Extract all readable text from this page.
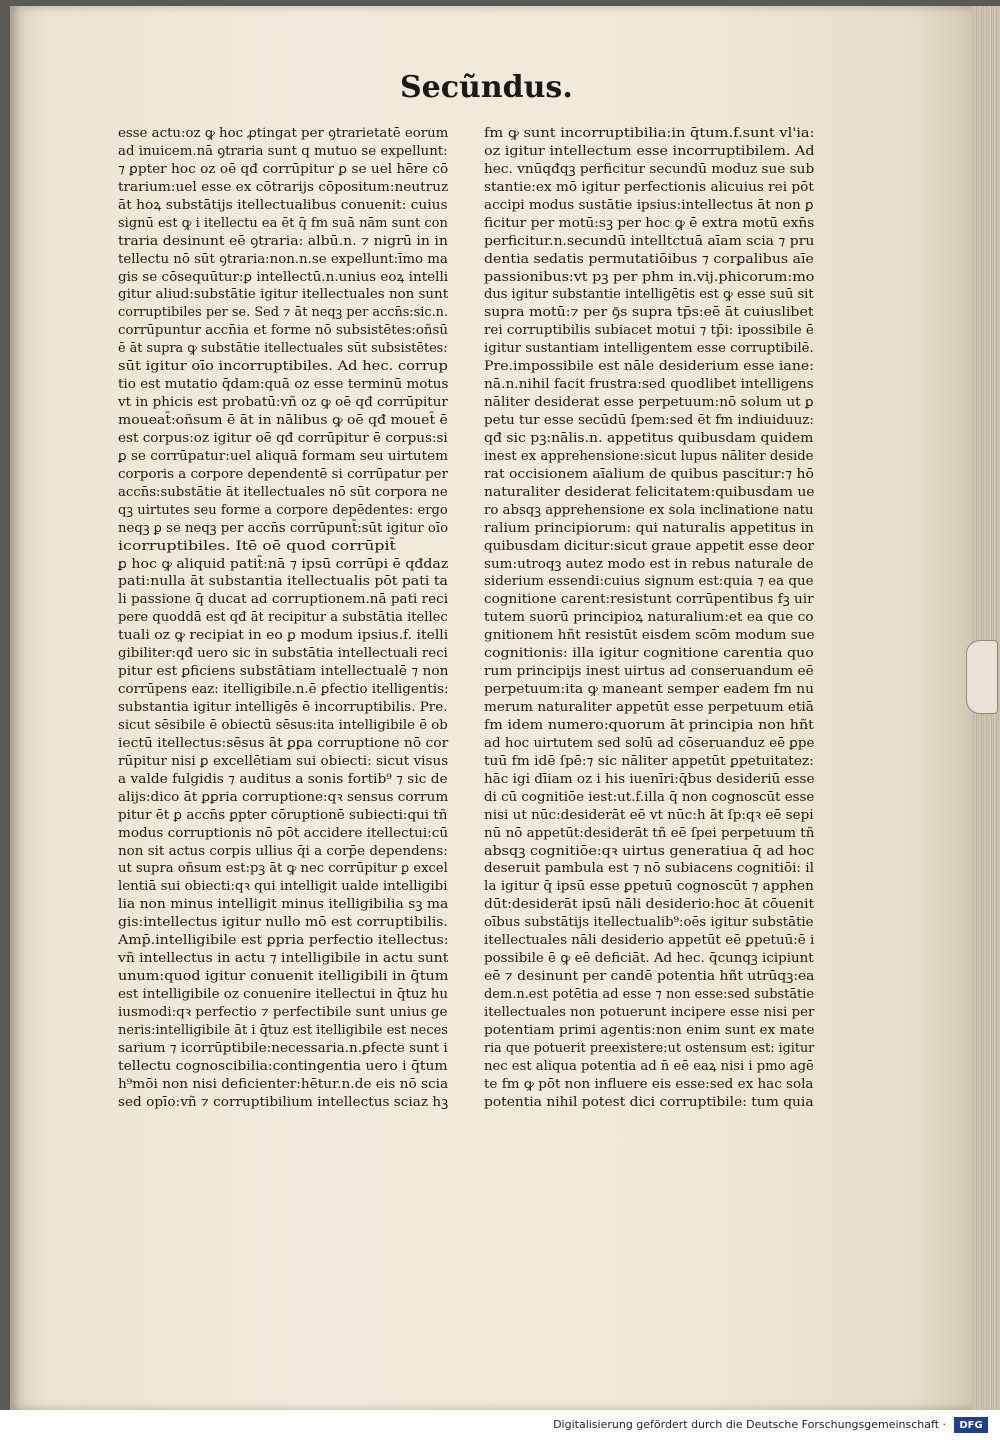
Secũndus.
esse actu:oz ꝙ hoc ꝓtingat per ꝯtrarietatē eorum
ad inuicem.nā ꝯtraria sunt q mutuo se expellunt:
⁊ ꝑpter hoc oz oē qđ corrūpitur ꝑ se uel hēre cō
trarium:uel esse ex cōtrarijs cōpositum:neutruz
āt hoꝝ substātijs itellectualibus conuenit: cuius
signū est ꝙ i itellectu ea ēt q̄ fm suā nām sunt con
traria desinunt eē ꝯtraria: albū.n. ⁊ nigrū in in
tellectu nō sūt ꝯtraria:non.n.se expellunt:īmo ma
gis se cōsequūtur:ꝑ intellectū.n.unius eoꝝ intelli
gitur aliud:substātie igitur itellectuales non sunt
corruptibiles per se. Sed ⁊ āt neqꝫ per accn̄s:sic.n.
corrūpuntur accn̄ia et forme nō subsistētes:oñsū
ē āt supra ꝙ substātie itellectuales sūt subsistētes:
sūt igitur oīo incorruptibiles. Ad hec. corrup
tio est mutatio q̄dam:quā oz esse terminū motus
vt in phicis est probatū:vñ oz ꝙ oē qđ corrūpitur
moueat̄:oñsum ē āt in nālibus ꝙ oē qđ mouet̄ ē
est corpus:oz igitur oē qđ corrūpitur ē corpus:si
ꝑ se corrūpatur:uel aliquā formam seu uirtutem
corporis a corpore dependentē si corrūpatur per
accn̄s:substātie āt itellectuales nō sūt corpora ne
qꝫ uirtutes seu forme a corpore depēdentes: ergo
neqꝫ ꝑ se neqꝫ per accn̄s corrūpunt̄:sūt igitur oīo
icorruptibiles. Itē oē quod corrūpit̄
ꝑ hoc ꝙ aliquid patit̄:nā ⁊ ipsū corrūpi ē qđdaz
pati:nulla āt substantia itellectualis pōt pati ta
li passione q̄ ducat ad corruptionem.nā pati reci
pere quoddā est qđ āt recipitur a substātia itellec
tuali oz ꝙ recipiat in eo ꝑ modum ipsius.f. itelli
gibiliter:qđ uero sic in substātia intellectuali reci
pitur est ꝑficiens substātiam intellectualē ⁊ non
corrūpens eaz: itelligibile.n.ē ꝑfectio itelligentis:
substantia igitur intelligēs ē incorruptibilis. Pre.
sicut sēsibile ē obiectū sēsus:ita intelligibile ē ob
iectū itellectus:sēsus āt ꝑꝑa corruptione nō cor
rūpitur nisi ꝑ excellētiam sui obiecti: sicut visus
a valde fulgidis ⁊ auditus a sonis fortib⁹ ⁊ sic de
alijs:dico āt ꝑꝑria corruptione:qꝛ sensus corrum
pitur ēt ꝑ accn̄s ꝑpter cōruptionē subiecti:qui tñ
modus corruptionis nō pōt accidere itellectui:cū
non sit actus corpis ullius q̄i a corp̄e dependens:
ut supra oñsum est:pꝫ āt ꝙ nec corrūpitur ꝑ excel
lentiā sui obiecti:qꝛ qui intelligit ualde intelligibi
lia non minus intelligit minus itelligibilia sꝫ ma
gis:intellectus igitur nullo mō est corruptibilis.
Amp̄.intelligibile est ꝑpria perfectio itellectus:
vñ intellectus in actu ⁊ intelligibile in actu sunt
unum:quod igitur conuenit itelligibili in q̄tum
est intelligibile oz conuenire itellectui in q̄tuz hu
iusmodi:qꝛ perfectio ⁊ perfectibile sunt unius ge
neris:intelligibile āt i q̄tuz est itelligibile est neces
sarium ⁊ icorrūptibile:necessaria.n.ꝑfecte sunt i
tellectu cognoscibilia:contingentia uero i q̄tum
h⁹mōi non nisi deficienter:hētur.n.de eis nō scia
sed opīo:vñ ⁊ corruptibilium intellectus sciaz hꝫ
fm ꝙ sunt incorruptibilia:in q̄tum.f.sunt vl'ia:
oz igitur intellectum esse incorruptibilem. Ad
hec. vnūqđqꝫ perficitur secundū moduz sue sub
stantie:ex mō igitur perfectionis alicuius rei pōt
accipi modus sustātie ipsius:intellectus āt non ꝑ
ficitur per motū:sꝫ per hoc ꝙ ē extra motū exn̄s
perficitur.n.secundū intelltctuā aīam scia ⁊ pru
dentia sedatis permutatiōibus ⁊ corꝑalibus aīe
passionibus:vt pꝫ per phm in.vij.phicorum:mo
dus igitur substantie intelligētis est ꝙ esse suū sit
supra motū:⁊ per ꝯ̄s supra tp̄s:eē āt cuiuslibet
rei corruptibilis subiacet motui ⁊ tp̄i: ipossibile ē
igitur sustantiam intelligentem esse corruptibilē.
Pre.impossibile est nāle desiderium esse iane:
nā.n.nihil facit frustra:sed quodlibet intelligens
nāliter desiderat esse perpetuum:nō solum ut ꝑ
petu tur esse secūdū ſpem:sed ēt fm indiuiduuz:
qđ sic pꝫ:nālis.n. appetitus quibusdam quidem
inest ex apprehensione:sicut lupus nāliter deside
rat occisionem aīalium de quibus pascitur:⁊ hō
naturaliter desiderat felicitatem:quibusdam ue
ro absqꝫ apprehensione ex sola inclinatione natu
ralium principiorum: qui naturalis appetitus in
quibusdam dicitur:sicut graue appetit esse deor
sum:utroqꝫ autez modo est in rebus naturale de
siderium essendi:cuius signum est:quia ⁊ ea que
cognitione carent:resistunt corrūpentibus fꝫ uir
tutem suorū principioꝝ naturalium:et ea que co
gnitionem hñt resistūt eisdem scōm modum sue
cognitionis: illa igitur cognitione carentia quo
rum principijs inest uirtus ad conseruandum eē
perpetuum:ita ꝙ maneant semper eadem fm nu
merum naturaliter appetūt esse perpetuum etiā
fm idem numero:quorum āt principia non hñt
ad hoc uirtutem sed solū ad cōseruanduz eē ꝑpe
tuū fm idē ſpē:⁊ sic nāliter appetūt ꝑpetuitatez:
hāc igi̇ dīiam oz i his iuenīri:q̄bus desideriū esse
di cū cognitiōe iest:ut.f.illa q̄ non cognoscūt esse
nisi ut nūc:desiderāt eē vt nūc:h āt ſp:qꝛ eē sepi̇
nū nō appetūt:desiderāt tñ eē ſpei perpetuum tñ
absqꝫ cognitiōe:qꝛ uirtus generatiua q̄ ad hoc
deseruit pambula est ⁊ nō subiacens cognitiōi: il
la igitur q̄ ipsū esse ꝑpetuū cognoscūt ⁊ apphen
dūt:desiderāt ipsū nāli desiderio:hoc āt cōuenit
oībus substātijs itellectualib⁹:oēs igitur substātie
itellectuales nāli desiderio appetūt eē ꝑpetuū:ē i
possibile ē ꝙ eē deficiāt. Ad hec. q̄cunqꝫ icipiunt
eē ⁊ desinunt per candē potentia hñt utrūqꝫ:ea
dem.n.est potētia ad esse ⁊ non esse:sed substātie
itellectuales non potuerunt incipere esse nisi per
potentiam primi agentis:non enim sunt ex mate
ria que potuerit preexistere:ut ostensum est: igitur
nec est aliqua potentia ad n̄ eē eaꝝ nisi i pmo agē
te fm ꝙ pōt non influere eis esse:sed ex hac sola
potentia nihil potest dici corruptibile: tum quia
Digitalisierung gefördert durch die Deutsche Forschungsgemeinschaft ·	DFG
